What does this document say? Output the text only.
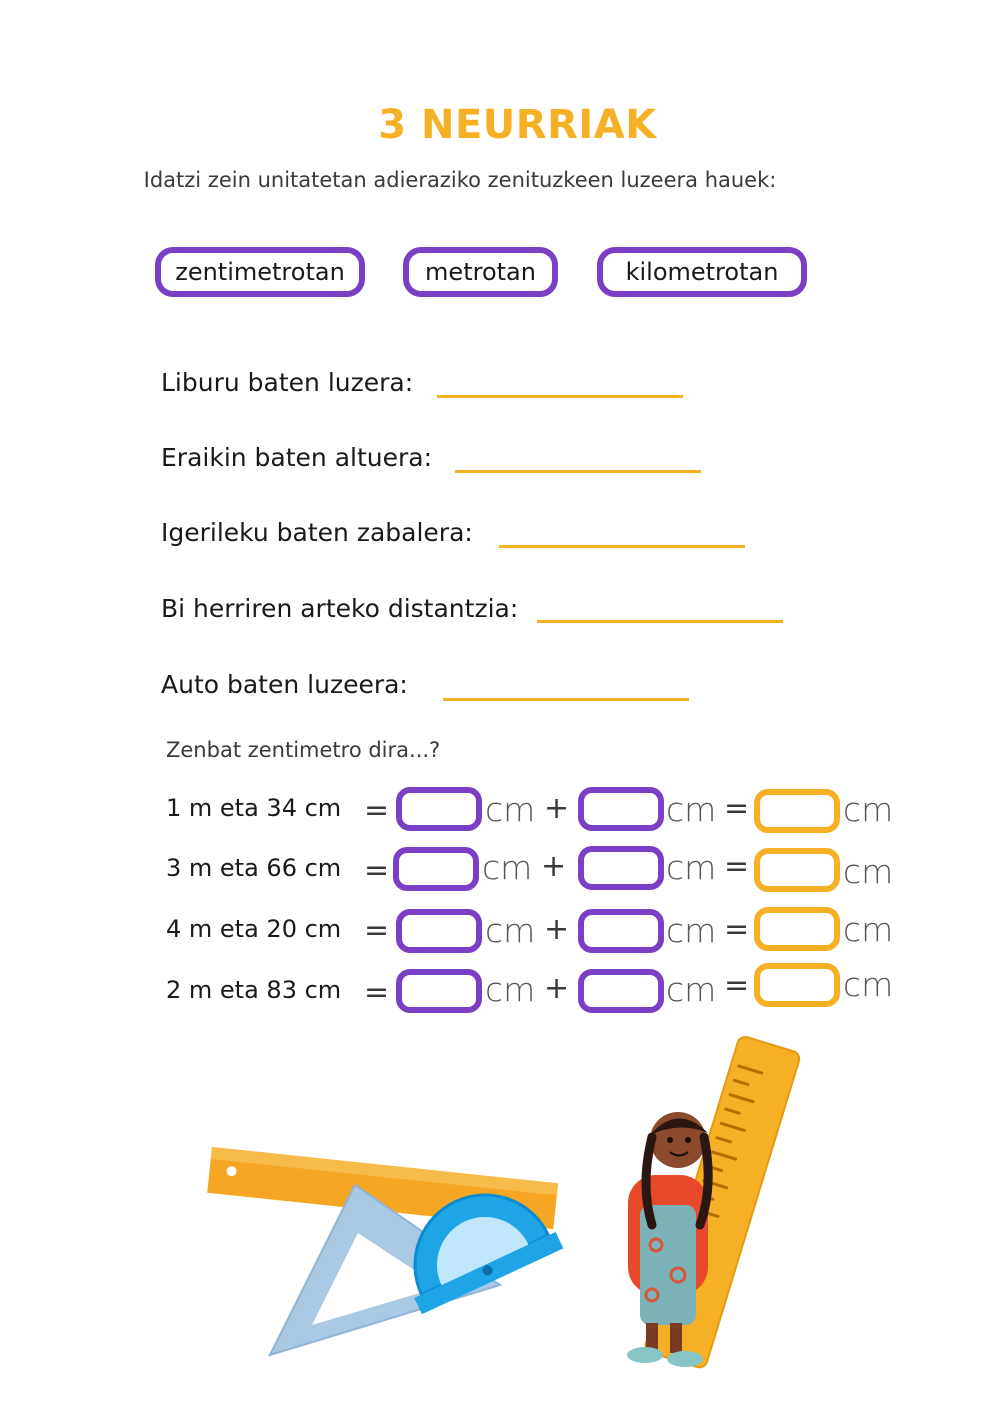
3 NEURRIAK
Idatzi zein unitatetan adieraziko zenituzkeen luzeera hauek:
zentimetrotan	metrotan	kilometrotan
Liburu baten luzera:
Eraikin baten altuera:
Igerileku baten zabalera:
Bi herriren arteko distantzia:
Auto baten luzeera:
Zenbat zentimetro dira...?
1 m eta 34 cm =	cm +	cm =	cm
3 m eta 66 cm =	cm +	cm =	cm
4 m eta 20 cm =	cm +	cm =	cm
2 m eta 83 cm =	cm +	cm =	cm
